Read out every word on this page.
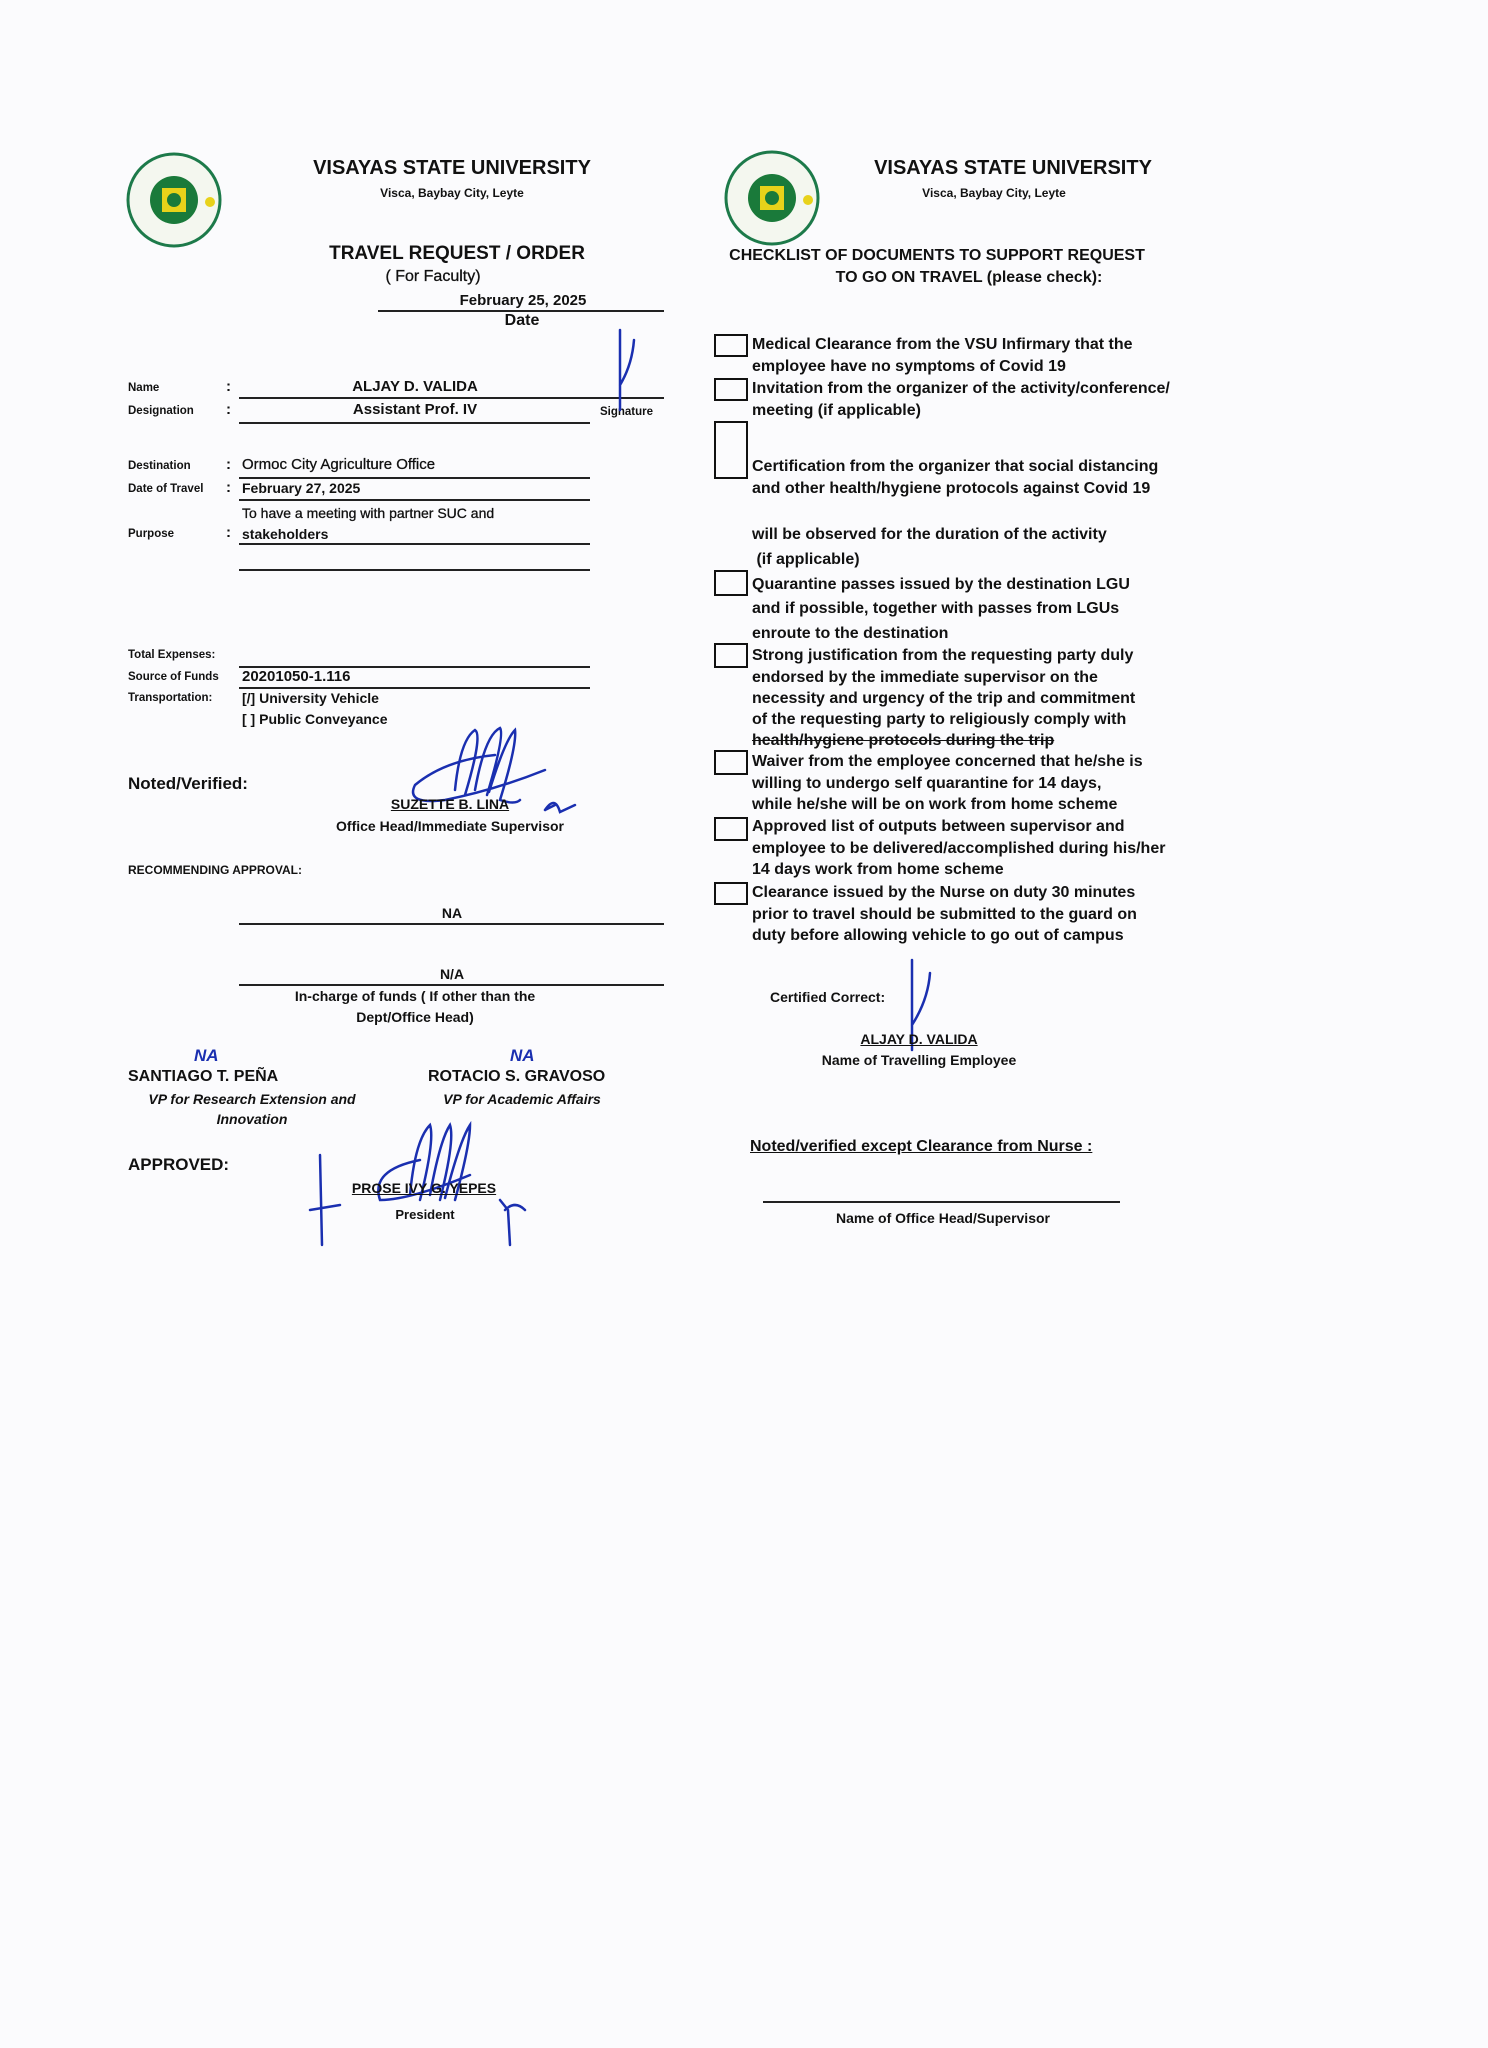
VISAYAS STATE UNIVERSITY
Visca, Baybay City, Leyte
TRAVEL REQUEST / ORDER
( For Faculty)
February 25, 2025
Date
Name	:	ALJAY D. VALIDA
Designation :	Assistant Prof. IV	Signature
Destination : Ormoc City Agriculture Office
Date of Travel : February 27, 2025
To have a meeting with partner SUC and
Purpose	: stakeholders
Total Expenses:
Source of Funds 20201050-1.116
Transportation: [/] University Vehicle
[ ] Public Conveyance
Noted/Verified:
SUZETTE B. LINA
Office Head/Immediate Supervisor
RECOMMENDING APPROVAL:
NA
N/A
In-charge of funds ( If other than the
Dept/Office Head)
NA
SANTIAGO T. PEÑA
VP for Research Extension and
Innovation
NA
ROTACIO S. GRAVOSO
VP for Academic Affairs
APPROVED:
PROSE IVY G. YEPES
President
VISAYAS STATE UNIVERSITY
Visca, Baybay City, Leyte
CHECKLIST OF DOCUMENTS TO SUPPORT REQUEST
TO GO ON TRAVEL (please check):
Medical Clearance from the VSU Infirmary that the
employee have no symptoms of Covid 19
Invitation from the organizer of the activity/conference/
meeting (if applicable)
Certification from the organizer that social distancing
and other health/hygiene protocols against Covid 19
will be observed for the duration of the activity
(if applicable)
Quarantine passes issued by the destination LGU
and if possible, together with passes from LGUs
enroute to the destination
Strong justification from the requesting party duly
endorsed by the immediate supervisor on the
necessity and urgency of the trip and commitment
of the requesting party to religiously comply with
health/hygiene protocols during the trip
Waiver from the employee concerned that he/she is
willing to undergo self quarantine for 14 days,
while he/she will be on work from home scheme
Approved list of outputs between supervisor and
employee to be delivered/accomplished during his/her
14 days work from home scheme
Clearance issued by the Nurse on duty 30 minutes
prior to travel should be submitted to the guard on
duty before allowing vehicle to go out of campus
Certified Correct:
ALJAY D. VALIDA
Name of Travelling Employee
Noted/verified except Clearance from Nurse :
Name of Office Head/Supervisor
